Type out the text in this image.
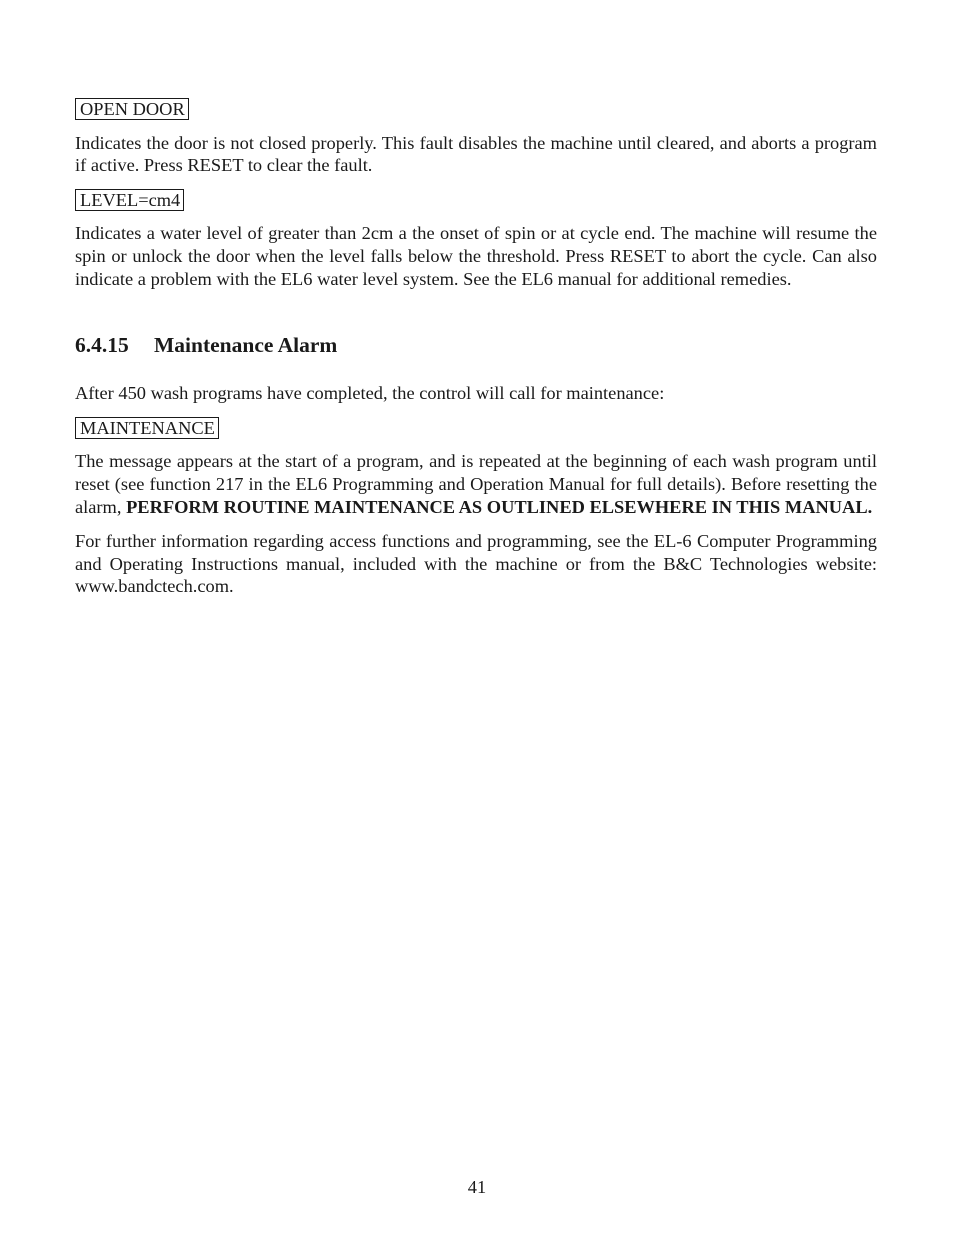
OPEN DOOR

Indicates the door is not closed properly. This fault disables the machine until cleared, and aborts a program if active. Press RESET to clear the fault.

LEVEL=cm4

Indicates a water level of greater than 2cm a the onset of spin or at cycle end. The machine will resume the spin or unlock the door when the level falls below the threshold. Press RESET to abort the cycle. Can also indicate a problem with the EL6 water level system. See the EL6 manual for additional remedies.

6.4.15 Maintenance Alarm

After 450 wash programs have completed, the control will call for maintenance:

MAINTENANCE

The message appears at the start of a program, and is repeated at the beginning of each wash program until reset (see function 217 in the EL6 Programming and Operation Manual for full details). Before resetting the alarm, PERFORM ROUTINE MAINTENANCE AS OUTLINED ELSEWHERE IN THIS MANUAL.

For further information regarding access functions and programming, see the EL-6 Computer Programming and Operating Instructions manual, included with the machine or from the B&C Technologies website: www.bandctech.com.

41
